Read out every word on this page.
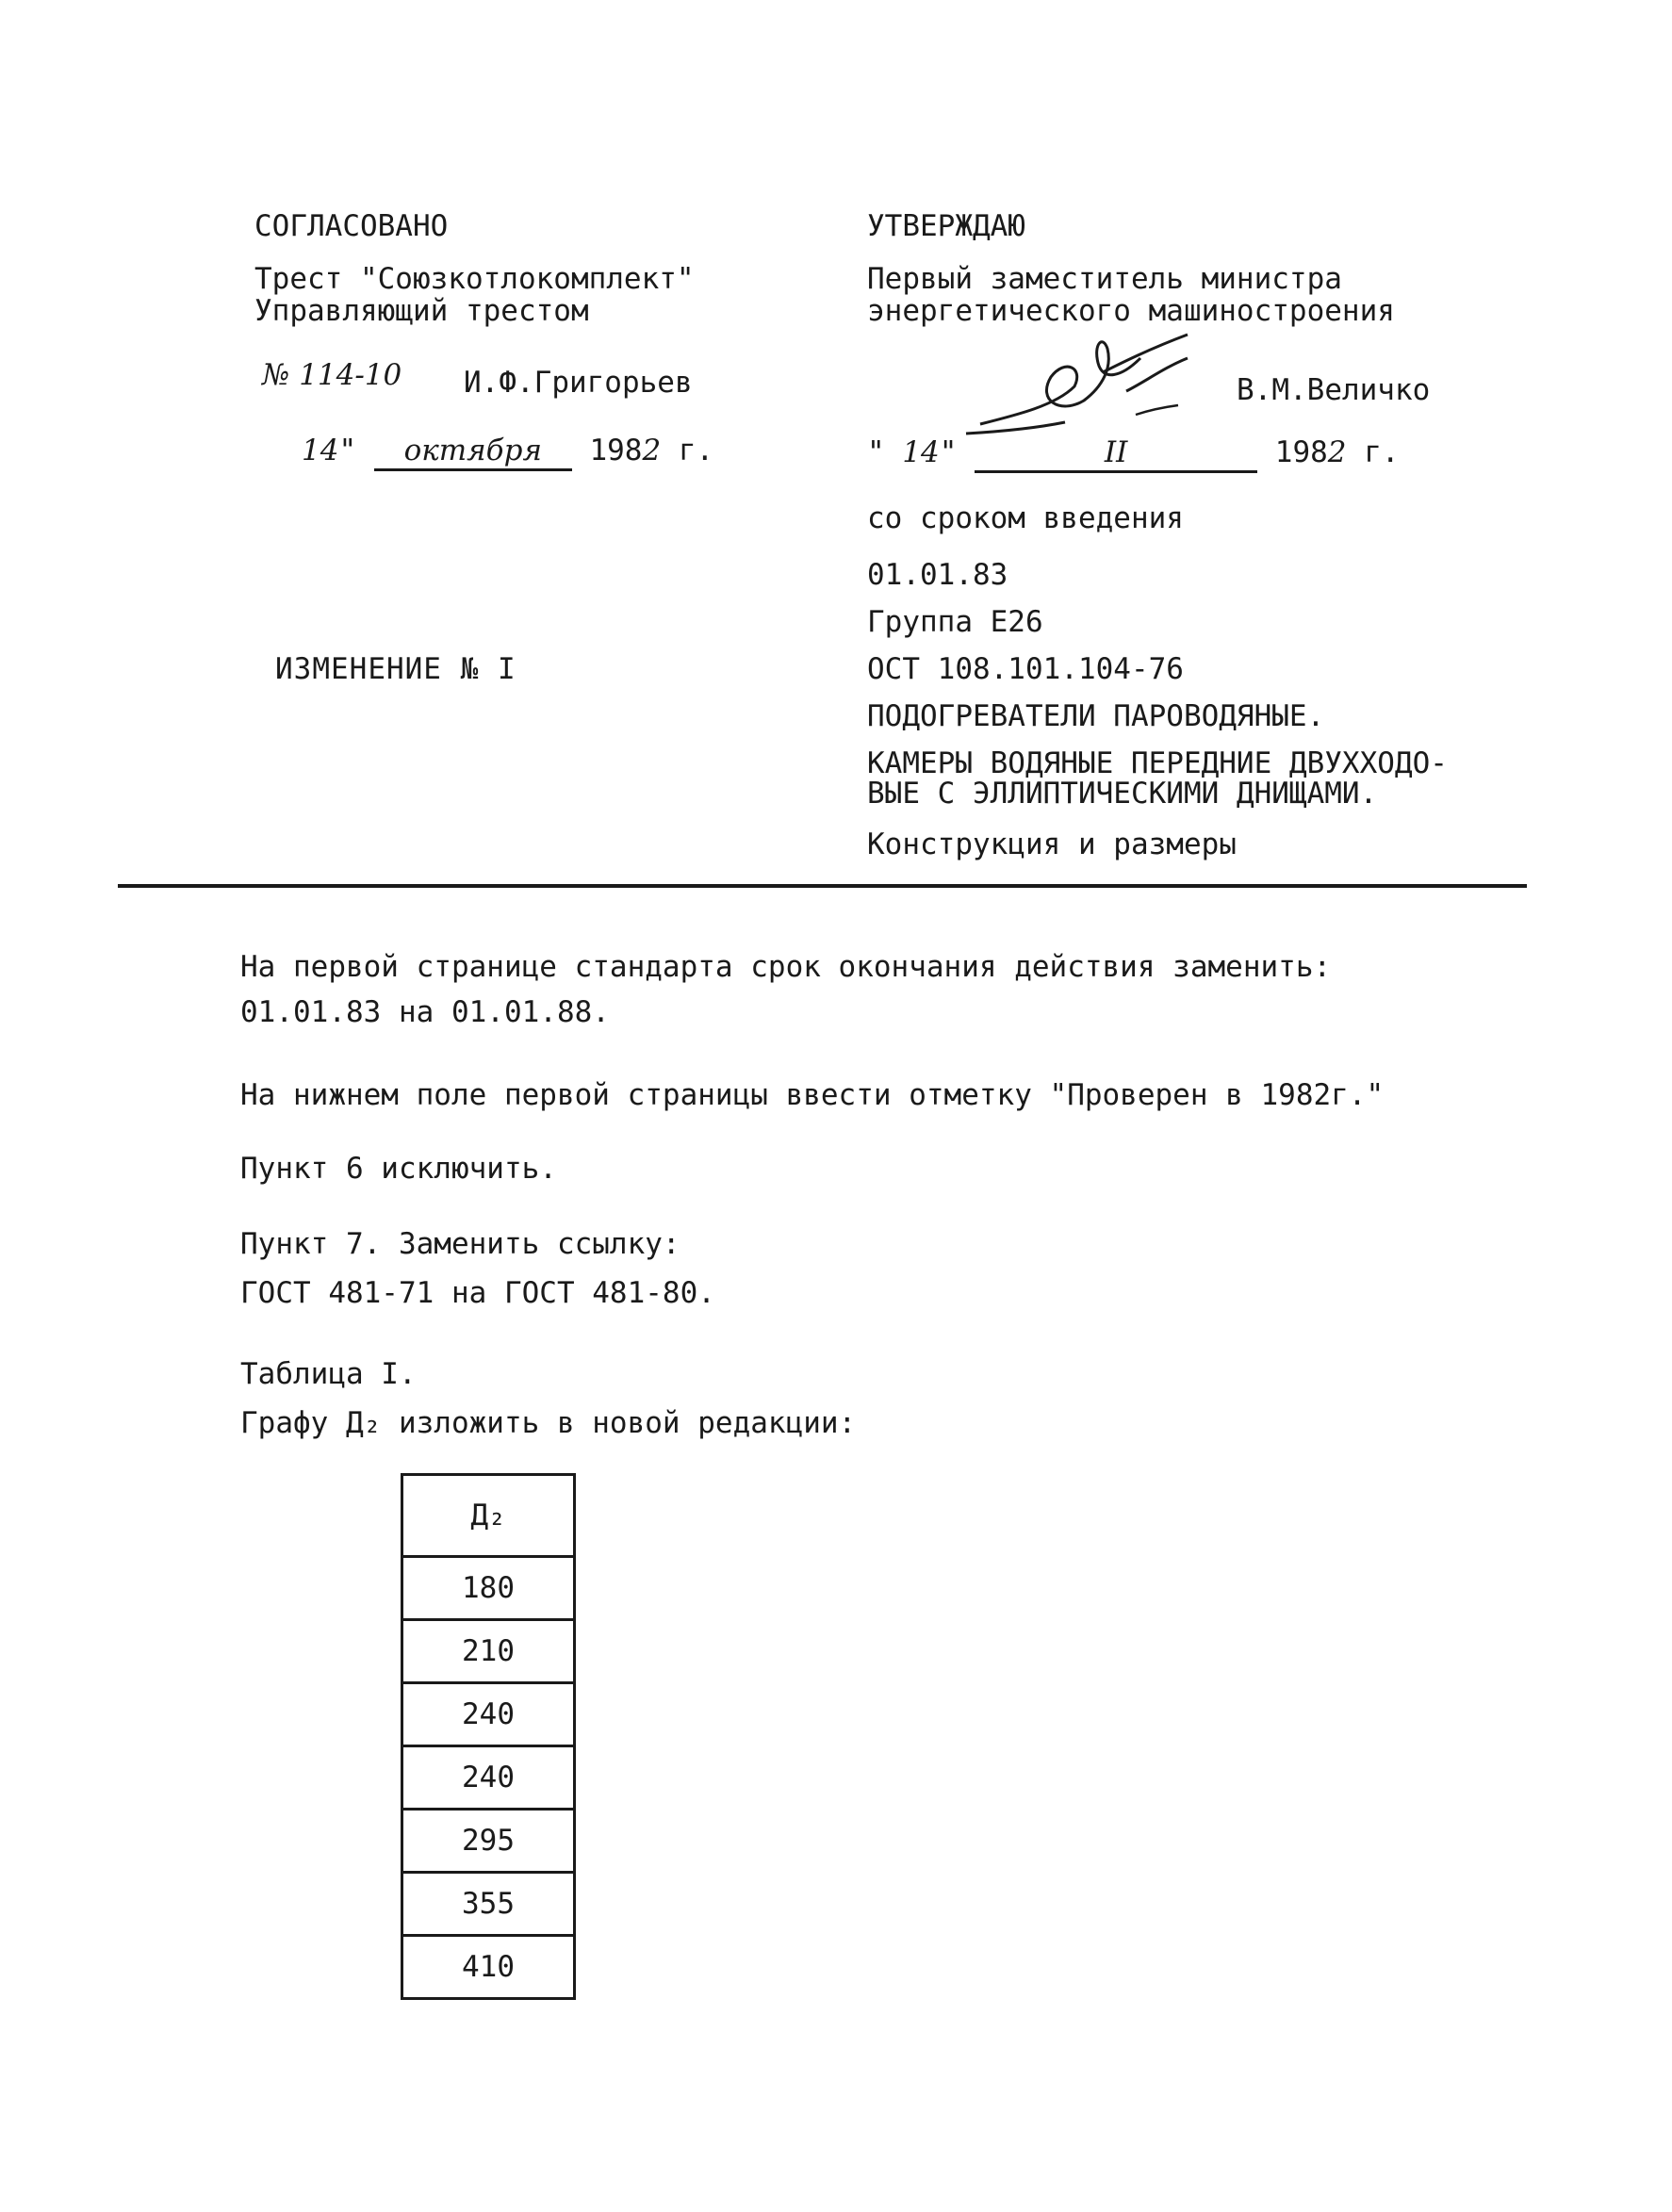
СОГЛАСОВАНО
Трест "Союзкотлокомплект"
Управляющий трестом
№ 114-10 И.Ф.Григорьев
14" октября 1982 г.
ИЗМЕНЕНИЕ № I
УТВЕРЖДАЮ
Первый заместитель министра
энергетического машиностроения
В.М.Величко
" 14"	II	1982 г.
со сроком введения
01.01.83
Группа Е26
ОСТ 108.101.104-76
ПОДОГРЕВАТЕЛИ ПАРОВОДЯНЫЕ.
КАМЕРЫ ВОДЯНЫЕ ПЕРЕДНИЕ ДВУХХОДО-
ВЫЕ С ЭЛЛИПТИЧЕСКИМИ ДНИЩАМИ.
Конструкция и размеры
На первой странице стандарта срок окончания действия заменить:
01.01.83 на 01.01.88.
На нижнем поле первой страницы ввести отметку "Проверен в 1982г."
Пункт 6 исключить.
Пункт 7. Заменить ссылку:
ГОСТ 481-71 на ГОСТ 481-80.
Таблица I.
Графу Д₂ изложить в новой редакции:
Д₂
180
210
240
240
295
355
410
